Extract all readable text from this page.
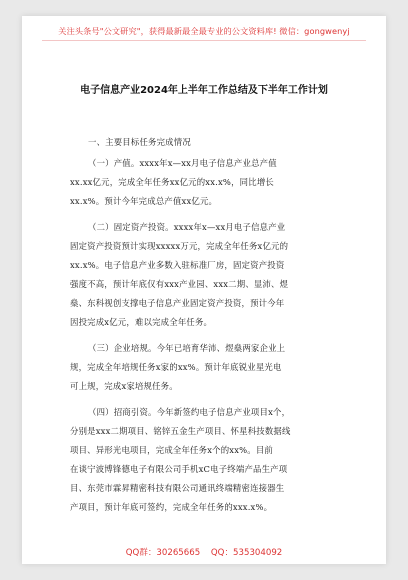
关注头条号"公文研究"，获得最新最全最专业的公文资料库! 微信：gongwenyj
电子信息产业2024年上半年工作总结及下半年工作计划
一、主要目标任务完成情况
（一）产值。xxxx年x—xx月电子信息产业总产值
xx.xx亿元，完成全年任务xx亿元的xx.x%，同比增长
xx.x%。预计今年完成总产值xx亿元。
（二）固定资产投资。xxxx年x—xx月电子信息产业
固定资产投资预计实现xxxxx万元，完成全年任务x亿元的
xx.x%。电子信息产业多数入驻标准厂房，固定资产投资
强度不高，预计年底仅有xxx产业园、xxx二期、显沛、煜
燊、东科视创支撑电子信息产业固定资产投资，预计今年
因投完成x亿元，难以完成全年任务。
（三）企业培规。今年已培育华沛、煜燊两家企业上
规，完成全年培规任务x家的xx%。预计年底锐业星光电
可上规，完成x家培规任务。
（四）招商引资。今年新签约电子信息产业项目x个，
分别是xxx二期项目、铭锌五金生产项目、怀星科技数据线
项目、异形光电项目，完成全年任务x个的xx%。目前
在谈宁波博锋德电子有限公司手机xC电子终端产品生产项
目、东莞市霖昇精密科技有限公司通讯终端精密连接器生
产项目，预计年底可签约，完成全年任务的xxx.x%。
QQ群：30265665 QQ：535304092
